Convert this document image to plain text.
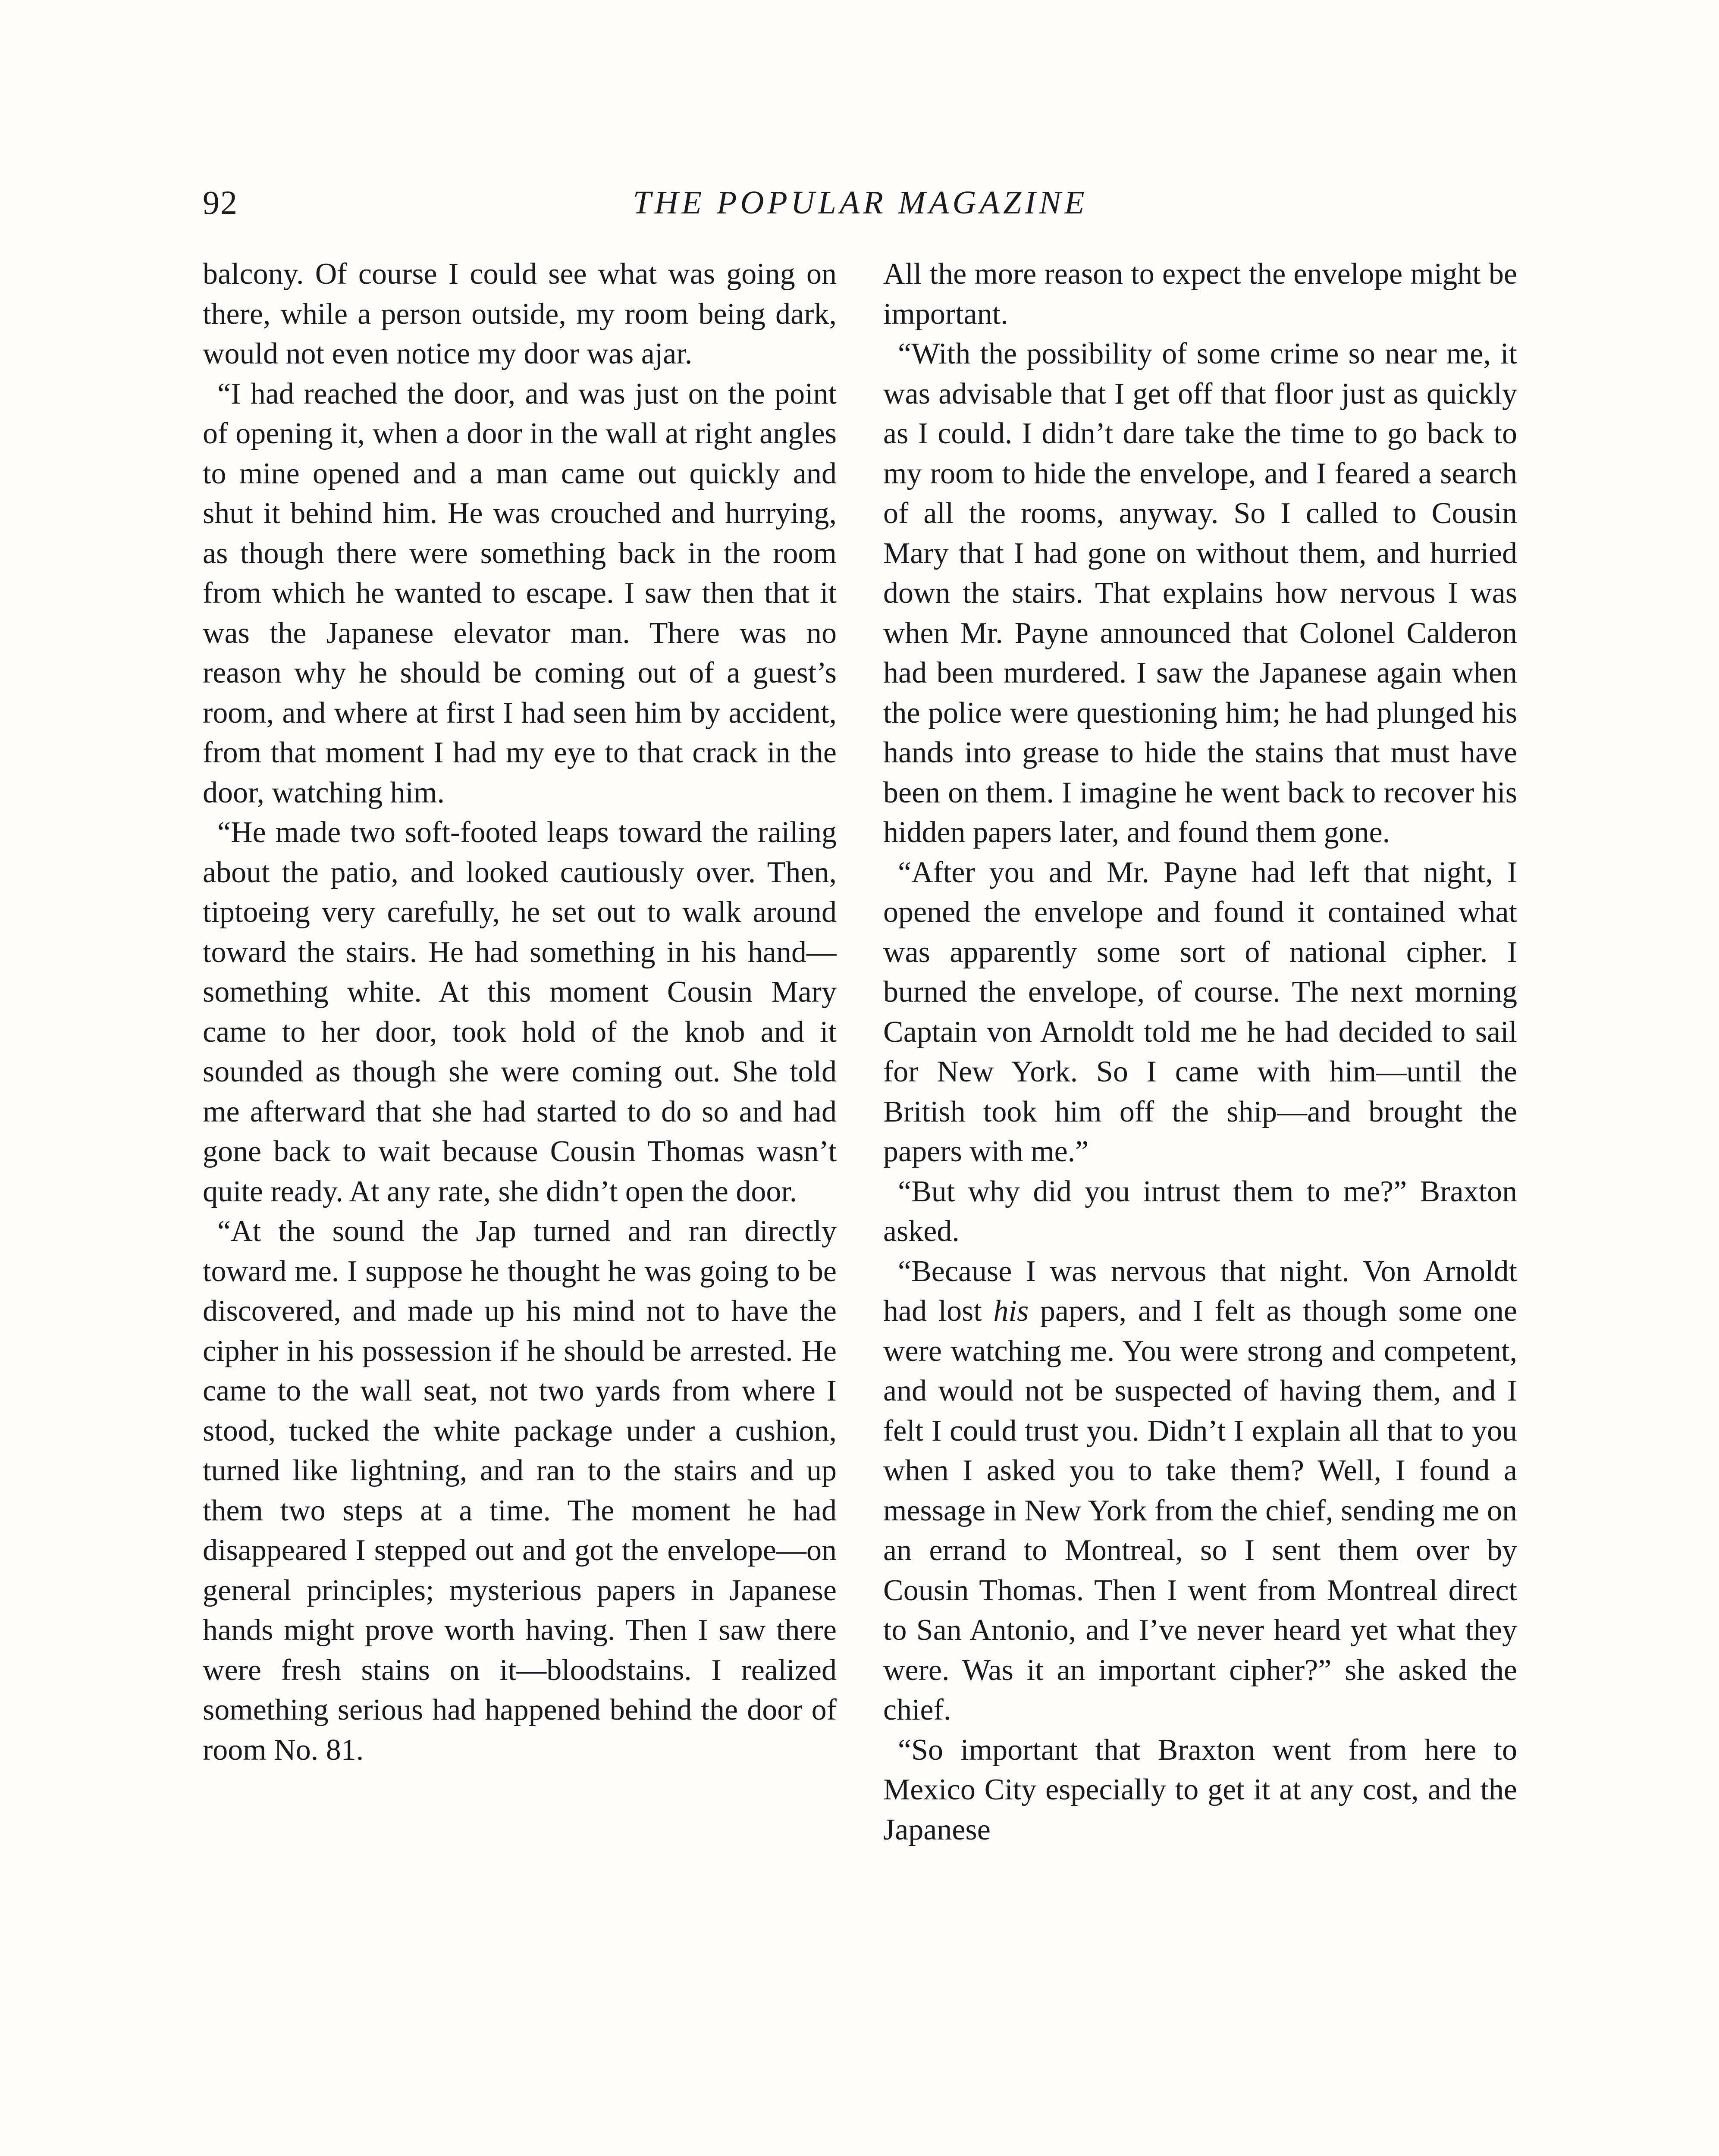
92	THE POPULAR MAGAZINE

balcony. Of course I could see what was going on there, while a person outside, my room being dark, would not even notice my door was ajar.

“I had reached the door, and was just on the point of opening it, when a door in the wall at right angles to mine opened and a man came out quickly and shut it behind him. He was crouched and hurrying, as though there were something back in the room from which he wanted to escape. I saw then that it was the Japanese elevator man. There was no reason why he should be coming out of a guest’s room, and where at first I had seen him by accident, from that moment I had my eye to that crack in the door, watching him.

“He made two soft-footed leaps toward the railing about the patio, and looked cautiously over. Then, tiptoeing very carefully, he set out to walk around toward the stairs. He had something in his hand—something white. At this moment Cousin Mary came to her door, took hold of the knob and it sounded as though she were coming out. She told me afterward that she had started to do so and had gone back to wait because Cousin Thomas wasn’t quite ready. At any rate, she didn’t open the door.

“At the sound the Jap turned and ran directly toward me. I suppose he thought he was going to be discovered, and made up his mind not to have the cipher in his possession if he should be arrested. He came to the wall seat, not two yards from where I stood, tucked the white package under a cushion, turned like lightning, and ran to the stairs and up them two steps at a time. The moment he had disappeared I stepped out and got the envelope—on general principles; mysterious papers in Japanese hands might prove worth having. Then I saw there were fresh stains on it—bloodstains. I realized something serious had happened behind the door of room No. 81.

All the more reason to expect the envelope might be important.

“With the possibility of some crime so near me, it was advisable that I get off that floor just as quickly as I could. I didn’t dare take the time to go back to my room to hide the envelope, and I feared a search of all the rooms, anyway. So I called to Cousin Mary that I had gone on without them, and hurried down the stairs. That explains how nervous I was when Mr. Payne announced that Colonel Calderon had been murdered. I saw the Japanese again when the police were questioning him; he had plunged his hands into grease to hide the stains that must have been on them. I imagine he went back to recover his hidden papers later, and found them gone.

“After you and Mr. Payne had left that night, I opened the envelope and found it contained what was apparently some sort of national cipher. I burned the envelope, of course. The next morning Captain von Arnoldt told me he had decided to sail for New York. So I came with him—until the British took him off the ship—and brought the papers with me.”

“But why did you intrust them to me?” Braxton asked.

“Because I was nervous that night. Von Arnoldt had lost his papers, and I felt as though some one were watching me. You were strong and competent, and would not be suspected of having them, and I felt I could trust you. Didn’t I explain all that to you when I asked you to take them? Well, I found a message in New York from the chief, sending me on an errand to Montreal, so I sent them over by Cousin Thomas. Then I went from Montreal direct to San Antonio, and I’ve never heard yet what they were. Was it an important cipher?” she asked the chief.

“So important that Braxton went from here to Mexico City especially to get it at any cost, and the Japanese
